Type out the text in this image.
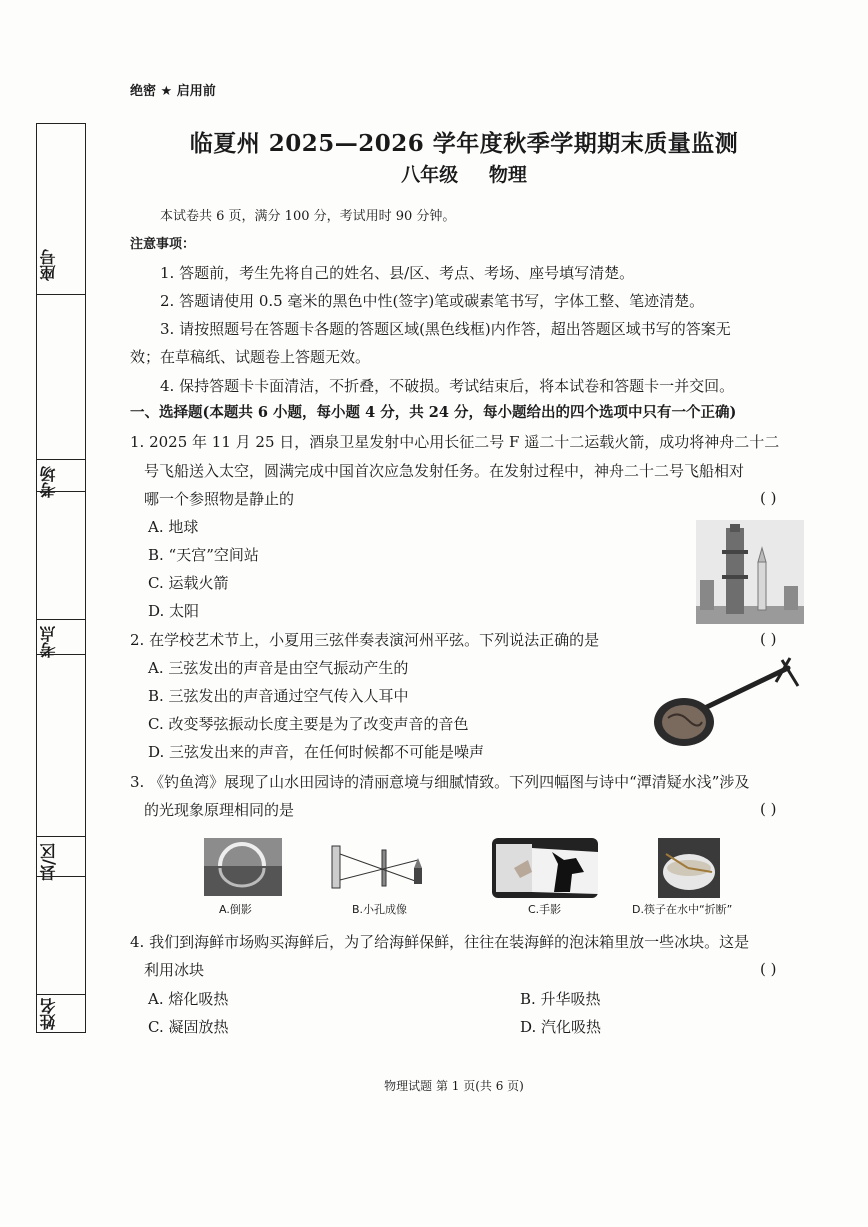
绝密 ★ 启用前
临夏州 2025—2026 学年度秋季学期期末质量监测
八年级 物理
座号
考场
考点
县/区
姓名
本试卷共 6 页，满分 100 分，考试用时 90 分钟。
注意事项：
1. 答题前，考生先将自己的姓名、县/区、考点、考场、座号填写清楚。
2. 答题请使用 0.5 毫米的黑色中性(签字)笔或碳素笔书写，字体工整、笔迹清楚。
3. 请按照题号在答题卡各题的答题区域(黑色线框)内作答，超出答题区域书写的答案无
效；在草稿纸、试题卷上答题无效。
4. 保持答题卡卡面清洁，不折叠，不破损。考试结束后，将本试卷和答题卡一并交回。
一、选择题(本题共 6 小题，每小题 4 分，共 24 分，每小题给出的四个选项中只有一个正确)
1. 2025 年 11 月 25 日，酒泉卫星发射中心用长征二号 F 遥二十二运载火箭，成功将神舟二十二
号飞船送入太空，圆满完成中国首次应急发射任务。在发射过程中，神舟二十二号飞船相对
哪一个参照物是静止的	( )
A. 地球
B. “天宫”空间站
C. 运载火箭
D. 太阳
2. 在学校艺术节上，小夏用三弦伴奏表演河州平弦。下列说法正确的是	( )
A. 三弦发出的声音是由空气振动产生的
B. 三弦发出的声音通过空气传入人耳中
C. 改变琴弦振动长度主要是为了改变声音的音色
D. 三弦发出来的声音，在任何时候都不可能是噪声
3. 《钓鱼湾》展现了山水田园诗的清丽意境与细腻情致。下列四幅图与诗中“潭清疑水浅”涉及
的光现象原理相同的是	( )
A.倒影	B.小孔成像	C.手影	D.筷子在水中“折断”
4. 我们到海鲜市场购买海鲜后，为了给海鲜保鲜，往往在装海鲜的泡沫箱里放一些冰块。这是
利用冰块	( )
A. 熔化吸热	B. 升华吸热
C. 凝固放热	D. 汽化吸热
物理试题 第 1 页(共 6 页)
